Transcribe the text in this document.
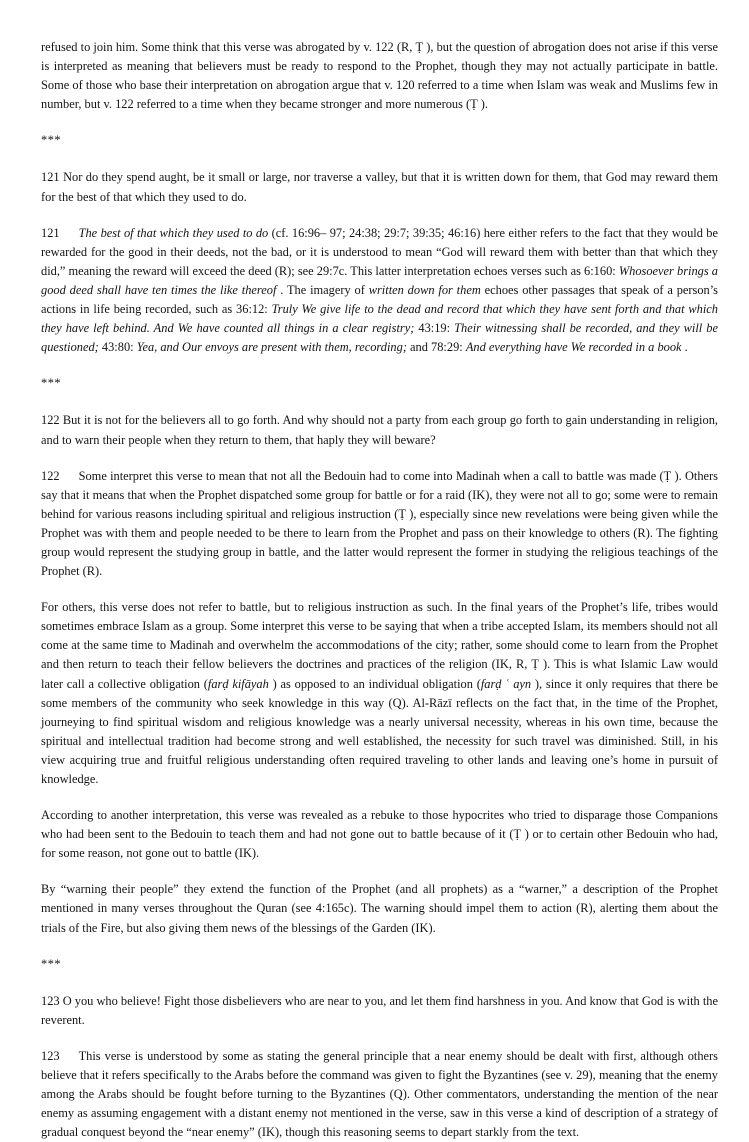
refused to join him. Some think that this verse was abrogated by v. 122 (R, Ṭ ), but the question of abrogation does not arise if this verse is interpreted as meaning that believers must be ready to respond to the Prophet, though they may not actually participate in battle. Some of those who base their interpretation on abrogation argue that v. 120 referred to a time when Islam was weak and Muslims few in number, but v. 122 referred to a time when they became stronger and more numerous (Ṭ ).

***

121 Nor do they spend aught, be it small or large, nor traverse a valley, but that it is written down for them, that God may reward them for the best of that which they used to do.

121 The best of that which they used to do (cf. 16:96– 97; 24:38; 29:7; 39:35; 46:16) here either refers to the fact that they would be rewarded for the good in their deeds, not the bad, or it is understood to mean “God will reward them with better than that which they did,” meaning the reward will exceed the deed (R); see 29:7c. This latter interpretation echoes verses such as 6:160: Whosoever brings a good deed shall have ten times the like thereof . The imagery of written down for them echoes other passages that speak of a person’s actions in life being recorded, such as 36:12: Truly We give life to the dead and record that which they have sent forth and that which they have left behind. And We have counted all things in a clear registry; 43:19: Their witnessing shall be recorded, and they will be questioned; 43:80: Yea, and Our envoys are present with them, recording; and 78:29: And everything have We recorded in a book .

***

122 But it is not for the believers all to go forth. And why should not a party from each group go forth to gain understanding in religion, and to warn their people when they return to them, that haply they will beware?

122 Some interpret this verse to mean that not all the Bedouin had to come into Madinah when a call to battle was made (Ṭ ). Others say that it means that when the Prophet dispatched some group for battle or for a raid (IK), they were not all to go; some were to remain behind for various reasons including spiritual and religious instruction (Ṭ ), especially since new revelations were being given while the Prophet was with them and people needed to be there to learn from the Prophet and pass on their knowledge to others (R). The fighting group would represent the studying group in battle, and the latter would represent the former in studying the religious teachings of the Prophet (R).

For others, this verse does not refer to battle, but to religious instruction as such. In the final years of the Prophet’s life, tribes would sometimes embrace Islam as a group. Some interpret this verse to be saying that when a tribe accepted Islam, its members should not all come at the same time to Madinah and overwhelm the accommodations of the city; rather, some should come to learn from the Prophet and then return to teach their fellow believers the doctrines and practices of the religion (IK, R, Ṭ ). This is what Islamic Law would later call a collective obligation (farḍ kifāyah ) as opposed to an individual obligation (farḍ ʿ ayn ), since it only requires that there be some members of the community who seek knowledge in this way (Q). Al-Rāzī reflects on the fact that, in the time of the Prophet, journeying to find spiritual wisdom and religious knowledge was a nearly universal necessity, whereas in his own time, because the spiritual and intellectual tradition had become strong and well established, the necessity for such travel was diminished. Still, in his view acquiring true and fruitful religious understanding often required traveling to other lands and leaving one’s home in pursuit of knowledge.

According to another interpretation, this verse was revealed as a rebuke to those hypocrites who tried to disparage those Companions who had been sent to the Bedouin to teach them and had not gone out to battle because of it (Ṭ ) or to certain other Bedouin who had, for some reason, not gone out to battle (IK).

By “warning their people” they extend the function of the Prophet (and all prophets) as a “warner,” a description of the Prophet mentioned in many verses throughout the Quran (see 4:165c). The warning should impel them to action (R), alerting them about the trials of the Fire, but also giving them news of the blessings of the Garden (IK).

***

123 O you who believe! Fight those disbelievers who are near to you, and let them find harshness in you. And know that God is with the reverent.

123 This verse is understood by some as stating the general principle that a near enemy should be dealt with first, although others believe that it refers specifically to the Arabs before the command was given to fight the Byzantines (see v. 29), meaning that the enemy among the Arabs should be fought before turning to the Byzantines (Q). Other commentators, understanding the mention of the near enemy as assuming engagement with a distant enemy not mentioned in the verse, saw in this verse a kind of description of a strategy of gradual conquest beyond the “near enemy” (IK), though this reasoning seems to depart starkly from the text.
